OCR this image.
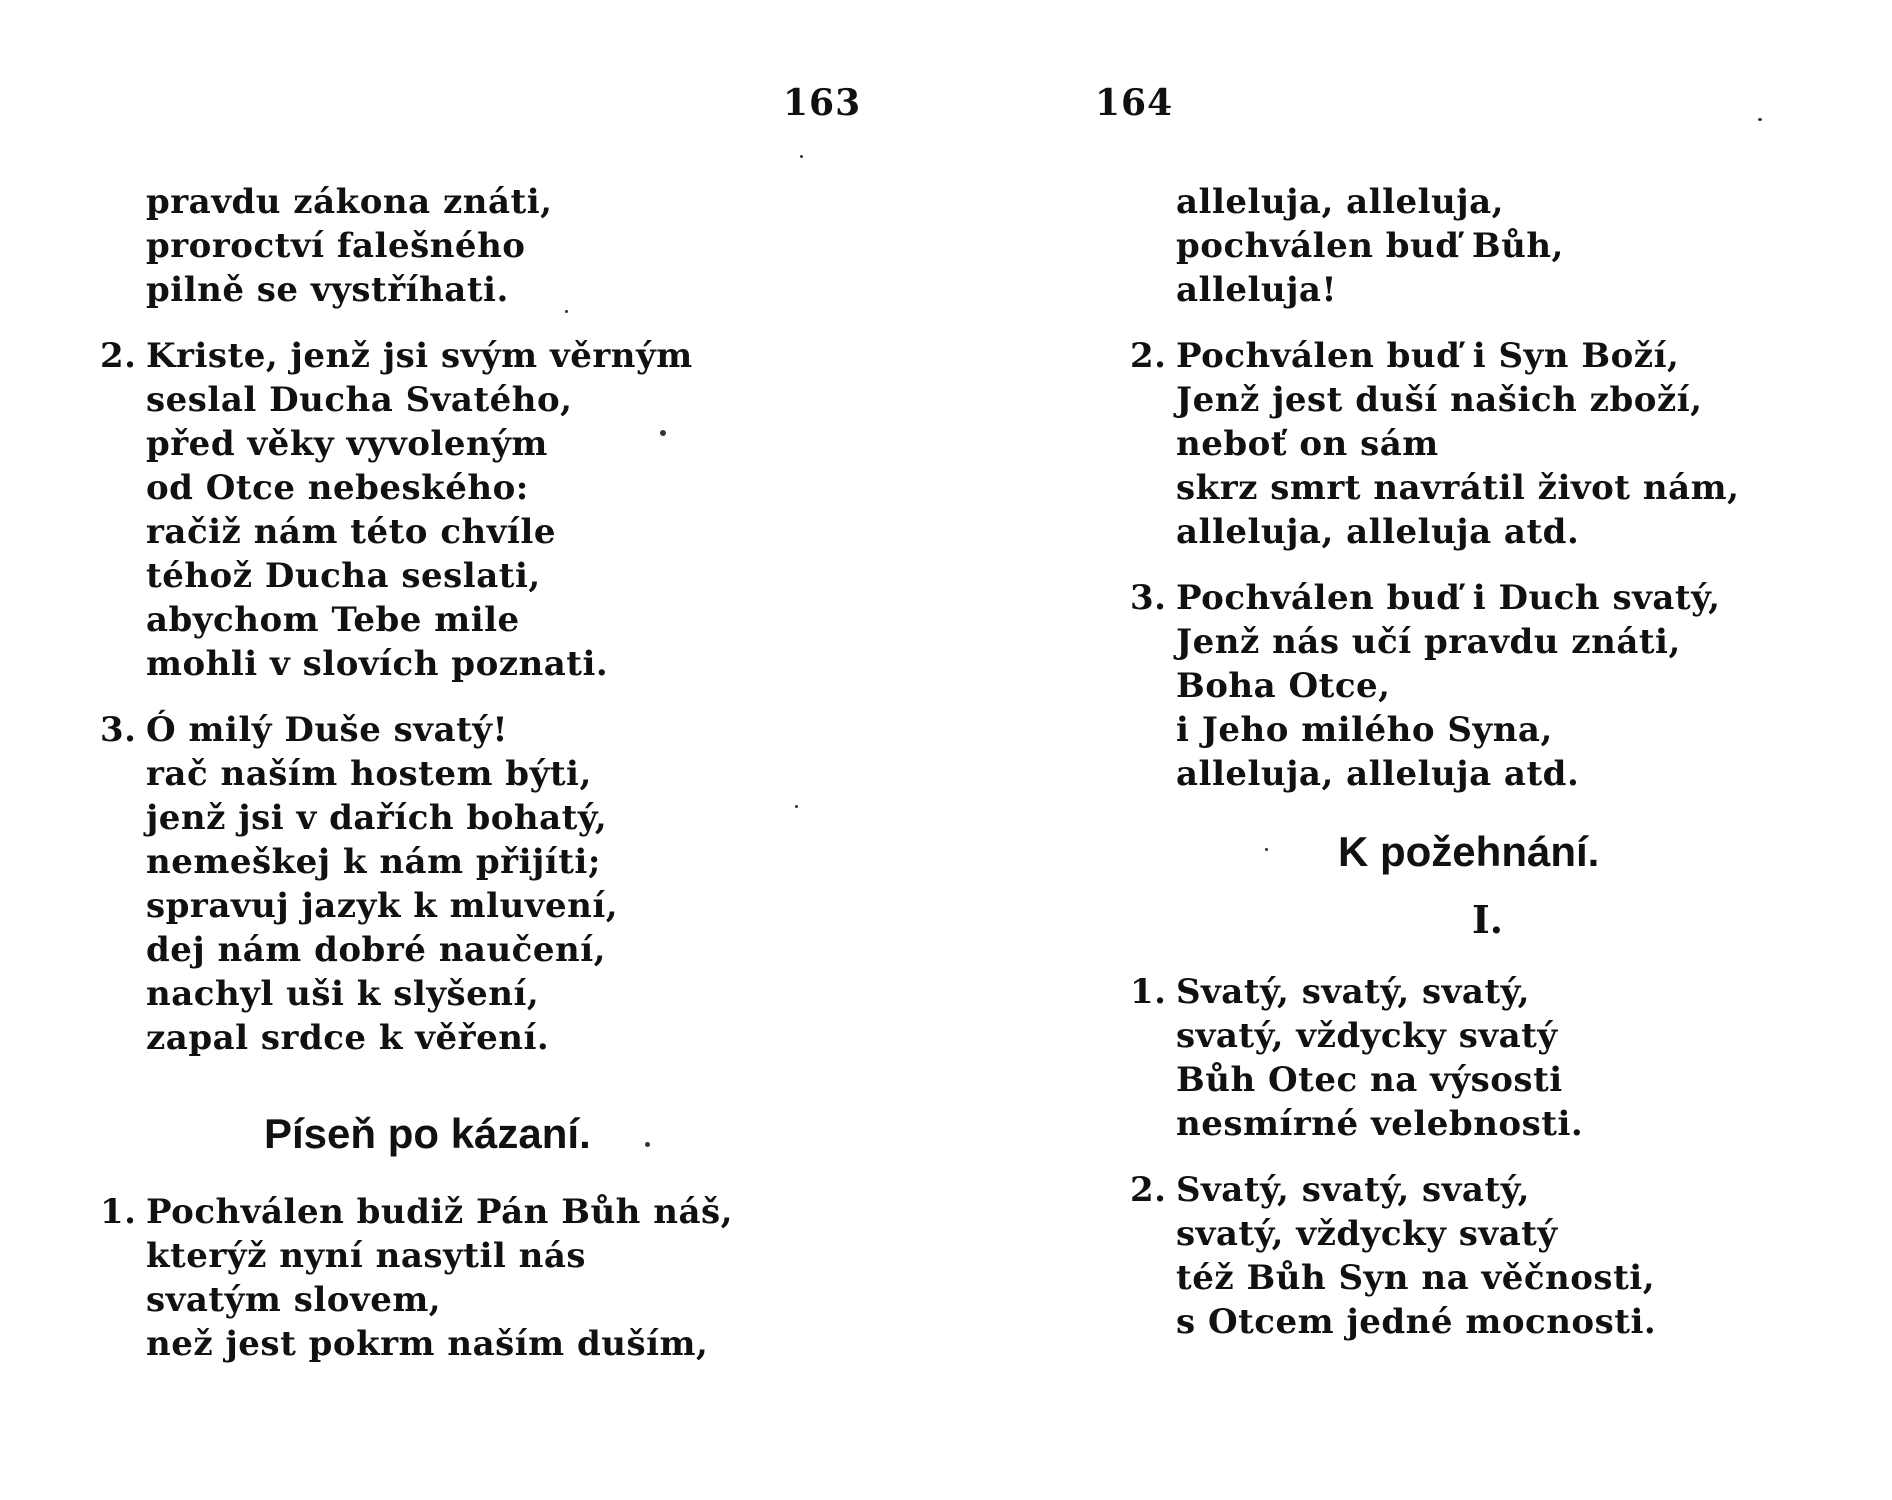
163	164
pravdu zákona znáti,
proroctví falešného
pilně se vystříhati.
2. Kriste, jenž jsi svým věrným
seslal Ducha Svatého,
před věky vyvoleným
od Otce nebeského:
račiž nám této chvíle
téhož Ducha seslati,
abychom Tebe mile
mohli v slovích poznati.
3. Ó milý Duše svatý!
rač naším hostem býti,
jenž jsi v dařích bohatý,
nemeškej k nám přijíti;
spravuj jazyk k mluvení,
dej nám dobré naučení,
nachyl uši k slyšení,
zapal srdce k věření.
Píseň po kázaní.
1. Pochválen budiž Pán Bůh náš,
kterýž nyní nasytil nás
svatým slovem,
než jest pokrm naším duším,
alleluja, alleluja,
pochválen buď Bůh,
alleluja!
2. Pochválen buď i Syn Boží,
Jenž jest duší našich zboží,
neboť on sám
skrz smrt navrátil život nám,
alleluja, alleluja atd.
3. Pochválen buď i Duch svatý,
Jenž nás učí pravdu znáti,
Boha Otce,
i Jeho milého Syna,
alleluja, alleluja atd.
K požehnání.
I.
1. Svatý, svatý, svatý,
svatý, vždycky svatý
Bůh Otec na výsosti
nesmírné velebnosti.
2. Svatý, svatý, svatý,
svatý, vždycky svatý
též Bůh Syn na věčnosti,
s Otcem jedné mocnosti.
